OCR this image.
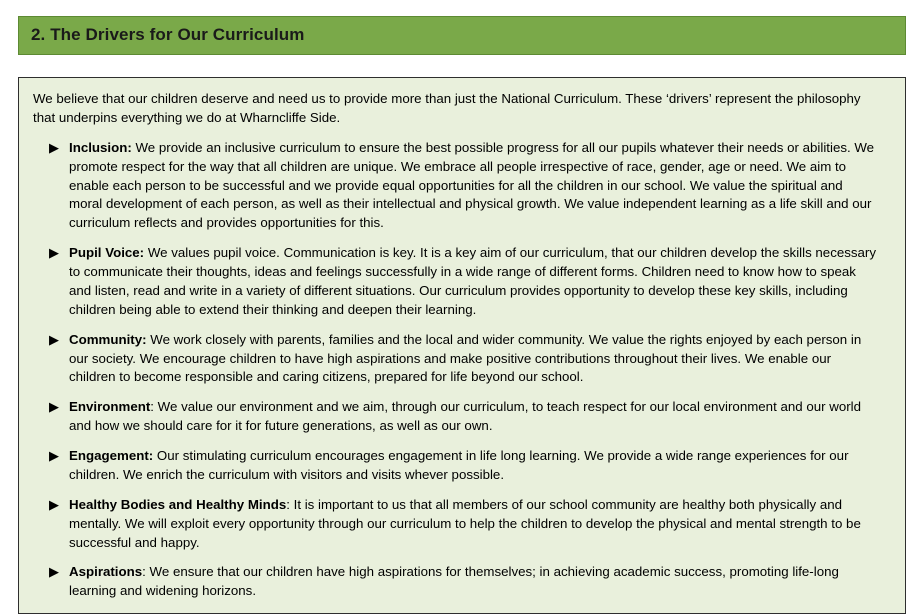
2. The Drivers for Our Curriculum

We believe that our children deserve and need us to provide more than just the National Curriculum. These ‘drivers’ represent the philosophy that underpins everything we do at Wharncliffe Side.

▶ Inclusion: We provide an inclusive curriculum to ensure the best possible progress for all our pupils whatever their needs or abilities. We promote respect for the way that all children are unique. We embrace all people irrespective of race, gender, age or need. We aim to enable each person to be successful and we provide equal opportunities for all the children in our school. We value the spiritual and moral development of each person, as well as their intellectual and physical growth. We value independent learning as a life skill and our curriculum reflects and provides opportunities for this.
▶ Pupil Voice: We values pupil voice. Communication is key. It is a key aim of our curriculum, that our children develop the skills necessary to communicate their thoughts, ideas and feelings successfully in a wide range of different forms. Children need to know how to speak and listen, read and write in a variety of different situations. Our curriculum provides opportunity to develop these key skills, including children being able to extend their thinking and deepen their learning.
▶ Community: We work closely with parents, families and the local and wider community. We value the rights enjoyed by each person in our society. We encourage children to have high aspirations and make positive contributions throughout their lives. We enable our children to become responsible and caring citizens, prepared for life beyond our school.
▶ Environment: We value our environment and we aim, through our curriculum, to teach respect for our local environment and our world and how we should care for it for future generations, as well as our own.
▶ Engagement: Our stimulating curriculum encourages engagement in life long learning. We provide a wide range experiences for our children. We enrich the curriculum with visitors and visits whever possible.
▶ Healthy Bodies and Healthy Minds: It is important to us that all members of our school community are healthy both physically and mentally. We will exploit every opportunity through our curriculum to help the children to develop the physical and mental strength to be successful and happy.
▶ Aspirations: We ensure that our children have high aspirations for themselves; in achieving academic success, promoting life-long learning and widening horizons.
